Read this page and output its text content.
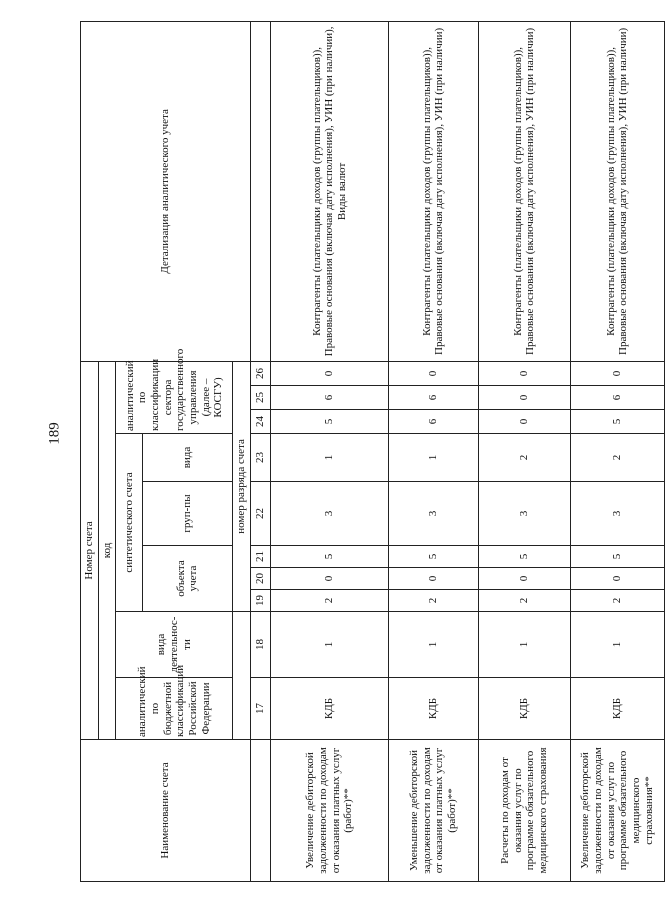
189
Наименование счета	Номер счета										Детализация аналитического учета
	код										
	аналитический по бюджетной классификации Российской Федерации	вида деятельнос-ти	синтетического счета					аналитический по классификации сектора государственного управления (далее – КОСГУ)			
			объекта учета			груп-пы	вида				
			номер разряда счета								
	17	18	19	20	21	22	23	24	25	26	
Увеличение дебиторской задолженности по доходам от оказания платных услуг (работ)**	КДБ	1	2	0	5	3	1	5	6	0	Контрагенты (плательщики доходов (группы плательщиков)), Правовые основания (включая дату исполнения), УИН (при наличии), Виды валют
Уменьшение дебиторской задолженности по доходам от оказания платных услуг (работ)**	КДБ	1	2	0	5	3	1	6	6	0	Контрагенты (плательщики доходов (группы плательщиков)), Правовые основания (включая дату исполнения), УИН (при наличии)
Расчеты по доходам от оказания услуг по программе обязательного медицинского страхования	КДБ	1	2	0	5	3	2	0	0	0	Контрагенты (плательщики доходов (группы плательщиков)), Правовые основания (включая дату исполнения), УИН (при наличии)
Увеличение дебиторской задолженности по доходам от оказания услуг по программе обязательного медицинского страхования**	КДБ	1	2	0	5	3	2	5	6	0	Контрагенты (плательщики доходов (группы плательщиков)), Правовые основания (включая дату исполнения), УИН (при наличии)
